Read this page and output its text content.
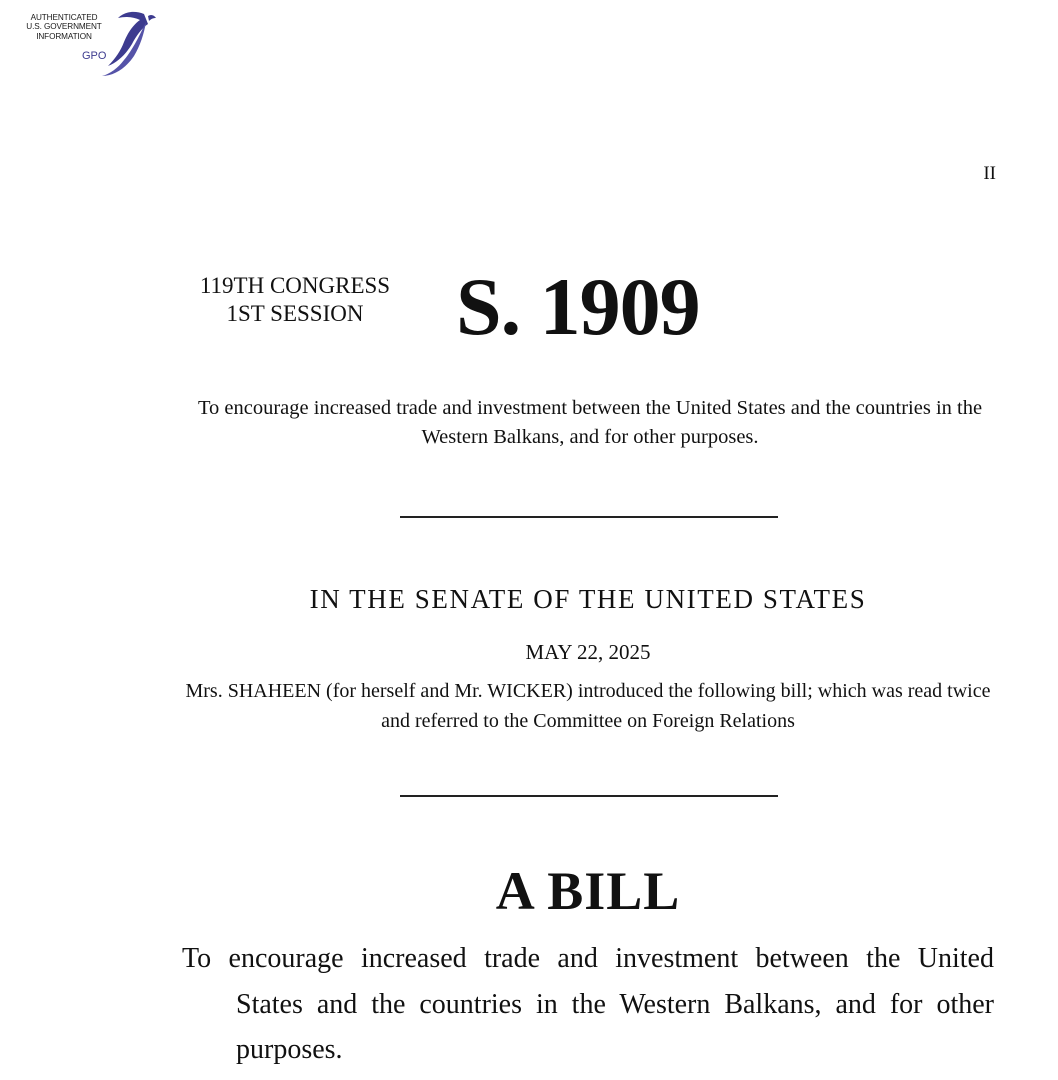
AUTHENTICATED
U.S. GOVERNMENT
INFORMATION
GPO
II
119TH CONGRESS
1ST SESSION	S. 1909
To encourage increased trade and investment between the United States and the countries in the Western Balkans, and for other purposes.
IN THE SENATE OF THE UNITED STATES
MAY 22, 2025
Mrs. SHAHEEN (for herself and Mr. WICKER) introduced the following bill; which was read twice and referred to the Committee on Foreign Relations
A BILL
To encourage increased trade and investment between the United States and the countries in the Western Balkans, and for other purposes.
